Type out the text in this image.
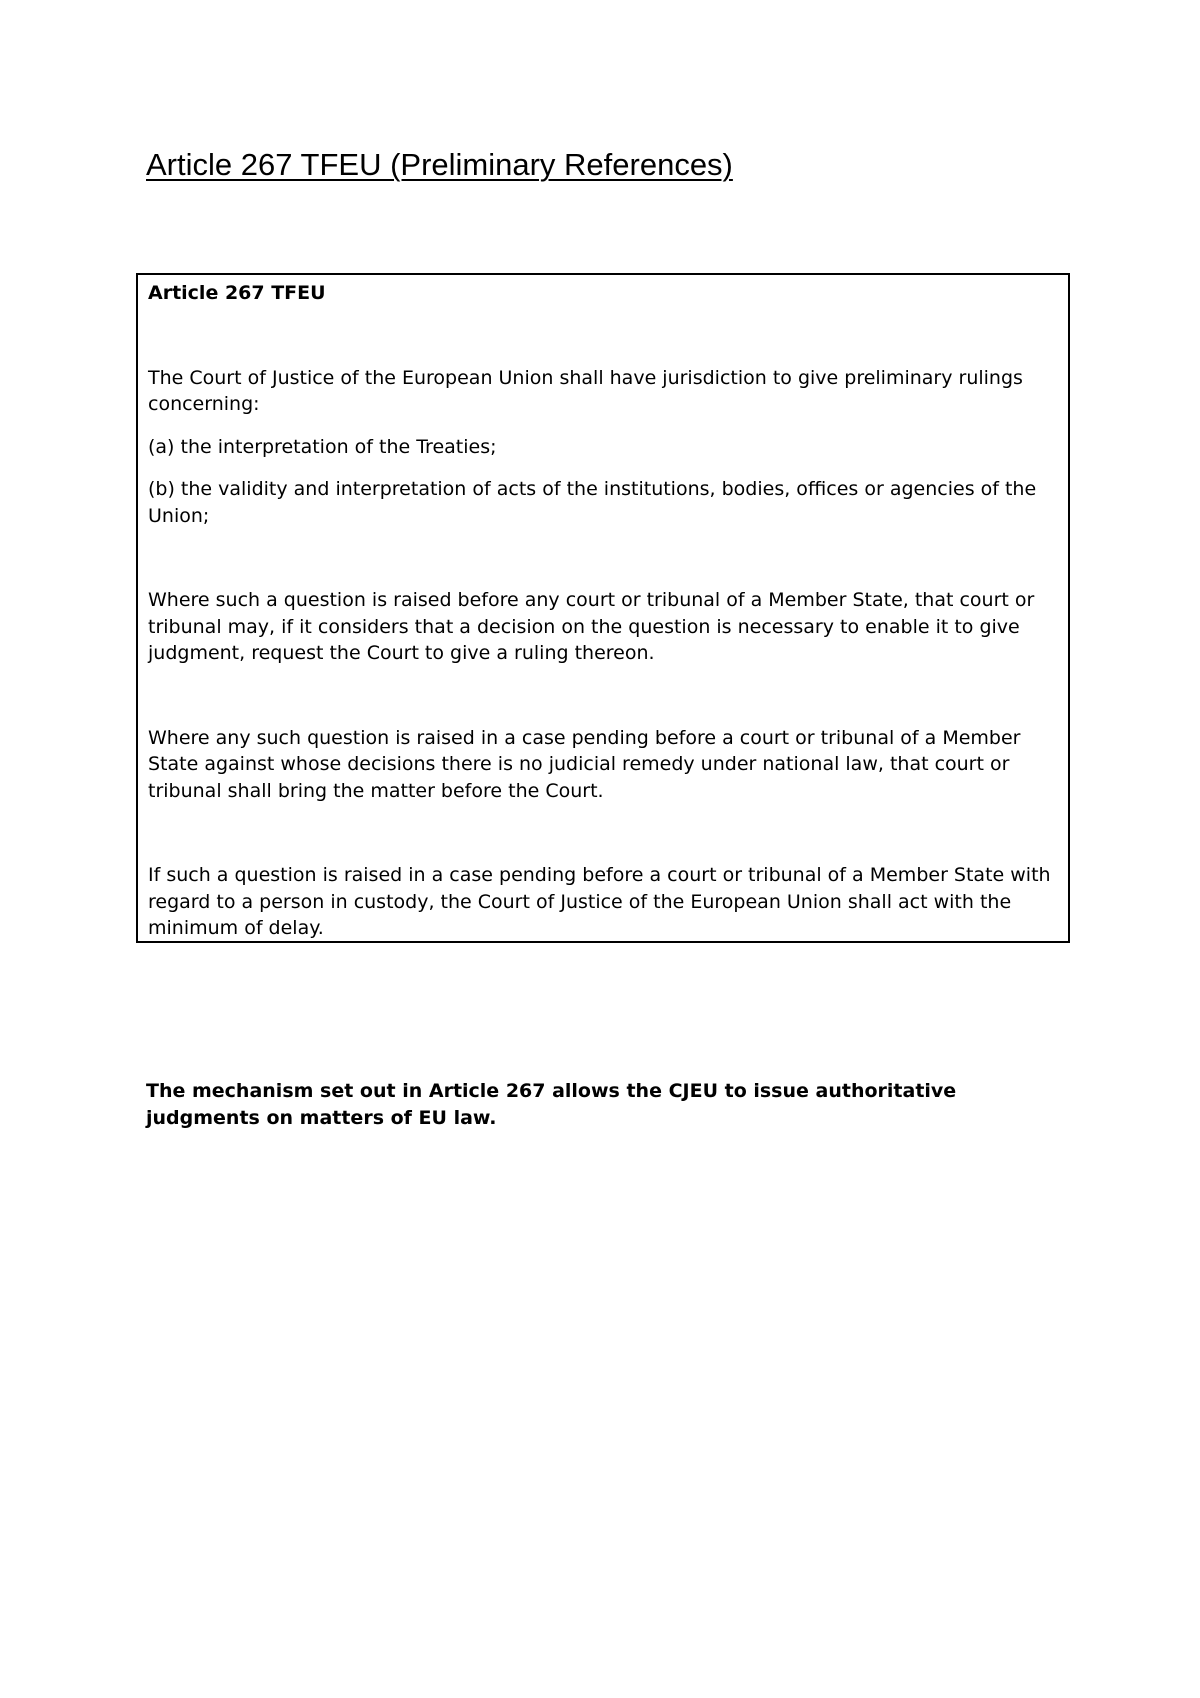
Article 267 TFEU (Preliminary References)

Article 267 TFEU

The Court of Justice of the European Union shall have jurisdiction to give preliminary rulings concerning:

(a) the interpretation of the Treaties;

(b) the validity and interpretation of acts of the institutions, bodies, offices or agencies of the Union;

Where such a question is raised before any court or tribunal of a Member State, that court or tribunal may, if it considers that a decision on the question is necessary to enable it to give judgment, request the Court to give a ruling thereon.

Where any such question is raised in a case pending before a court or tribunal of a Member State against whose decisions there is no judicial remedy under national law, that court or tribunal shall bring the matter before the Court.

If such a question is raised in a case pending before a court or tribunal of a Member State with regard to a person in custody, the Court of Justice of the European Union shall act with the minimum of delay.

The mechanism set out in Article 267 allows the CJEU to issue authoritative judgments on matters of EU law.
